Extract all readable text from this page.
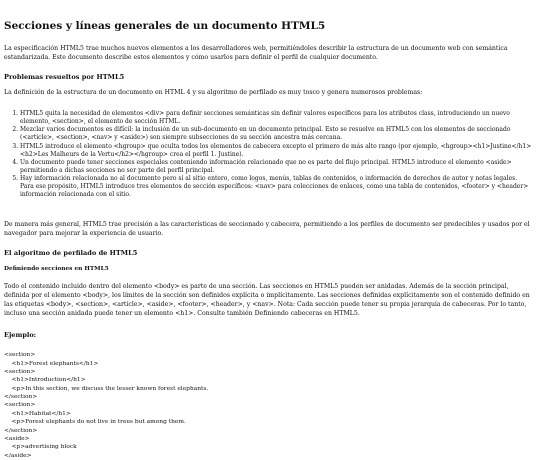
Secciones y líneas generales de un documento HTML5

La especificación HTML5 trae muchos nuevos elementos a los desarrolladores web, permitiéndoles describir la estructura de un documento web con semántica estandarizada. Este documento describe estos elementos y cómo usarlos para definir el perfil de cualquier documento.

Problemas resueltos por HTML5

La definición de la estructura de un documento en HTML 4 y su algoritmo de perfilado es muy tosco y genera numerosos problemas:

1. HTML5 quita la necesidad de elementos <div> para definir secciones semánticas sin definir valores específicos para los atributos class, introduciendo un nuevo elemento, <section>, el elemento de sección HTML.
2. Mezclar varios documentos es difícil: la inclusión de un sub-documento en un documento principal. Esto se resuelve en HTML5 con los elementos de seccionado (<article>, <section>, <nav> y <aside>) son siempre subsecciones de su sección ancestra más cercana.
3. HTML5 introduce el elemento <hgroup> que oculta todos los elementos de cabecera excepto el primero de más alto rango (por ejemplo, <hgroup><h1>Justine</h1><h2>Les Malheurs de la Vertu</h2></hgroup> crea el perfil 1. Justine).
4. Un documento puede tener secciones especiales conteniendo información relacionado que no es parte del flujo principal. HTML5 introduce el elemento <aside> permitiendo a dichas secciones no ser parte del perfil principal.
5. Hay información relacionada no al documento pero sí al sitio entero, como logos, menús, tablas de contenidos, o información de derechos de autor y notas legales. Para ese propósito, HTML5 introduce tres elementos de sección específicos: <nav> para colecciones de enlaces, como una tabla de contenidos, <footer> y <header> información relacionada con el sitio.

De manera más general, HTML5 trae precisión a las características de seccionado y cabecera, permitiendo a los perfiles de documento ser predecibles y usados por el navegador para mejorar la experiencia de usuario.

El algoritmo de perfilado de HTML5
Definiendo secciones en HTML5

Todo el contenido incluido dentro del elemento <body> es parte de una sección. Las secciones en HTML5 pueden ser anidadas. Además de la sección principal, definida por el elemento <body>, los límites de la sección son definidos explícita o implícitamente. Las secciones definidas explícitamente son el contenido definido en las etiquetas <body>, <section>, <article>, <aside>, <footer>, <header>, y <nav>. Nota: Cada sección puede tener su propia jerarquía de cabeceras. Por lo tanto, incluso una sección anidada puede tener un elemento <h1>. Consulte también Definiendo cabeceras en HTML5.

Ejemplo:
<section>
<h1>Forest elephants</h1>
<section>
<h1>Introduction</h1>
<p>In this section, we discuss the lesser known forest elephants.
</section>
<section>
<h1>Habitat</h1>
<p>Forest elephants do not live in trees but among them.
</section>
<aside>
<p>advertising block
</aside>
